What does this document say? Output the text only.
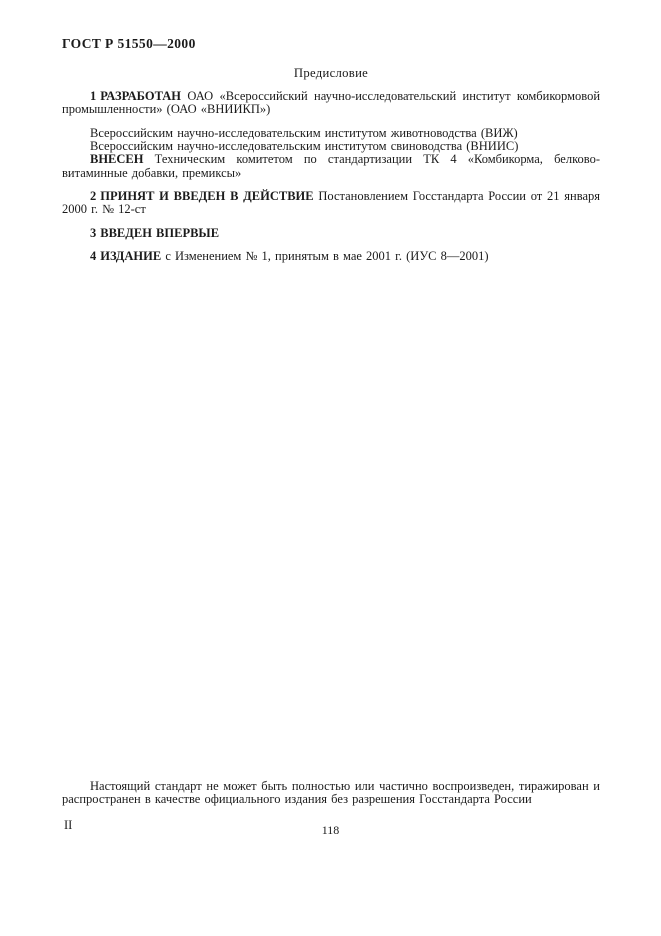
ГОСТ Р 51550—2000
Предисловие

1 РАЗРАБОТАН ОАО «Всероссийский научно-исследовательский институт комбикормовой промышленности» (ОАО «ВНИИКП»)

Всероссийским научно-исследовательским институтом животноводства (ВИЖ)

Всероссийским научно-исследовательским институтом свиноводства (ВНИИС)

ВНЕСЕН Техническим комитетом по стандартизации ТК 4 «Комбикорма, белково-витаминные добавки, премиксы»

2 ПРИНЯТ И ВВЕДЕН В ДЕЙСТВИЕ Постановлением Госстандарта России от 21 января 2000 г. № 12-ст

3 ВВЕДЕН ВПЕРВЫЕ

4 ИЗДАНИЕ с Изменением № 1, принятым в мае 2001 г. (ИУС 8—2001)

Настоящий стандарт не может быть полностью или частично воспроизведен, тиражирован и распространен в качестве официального издания без разрешения Госстандарта России

II	118
